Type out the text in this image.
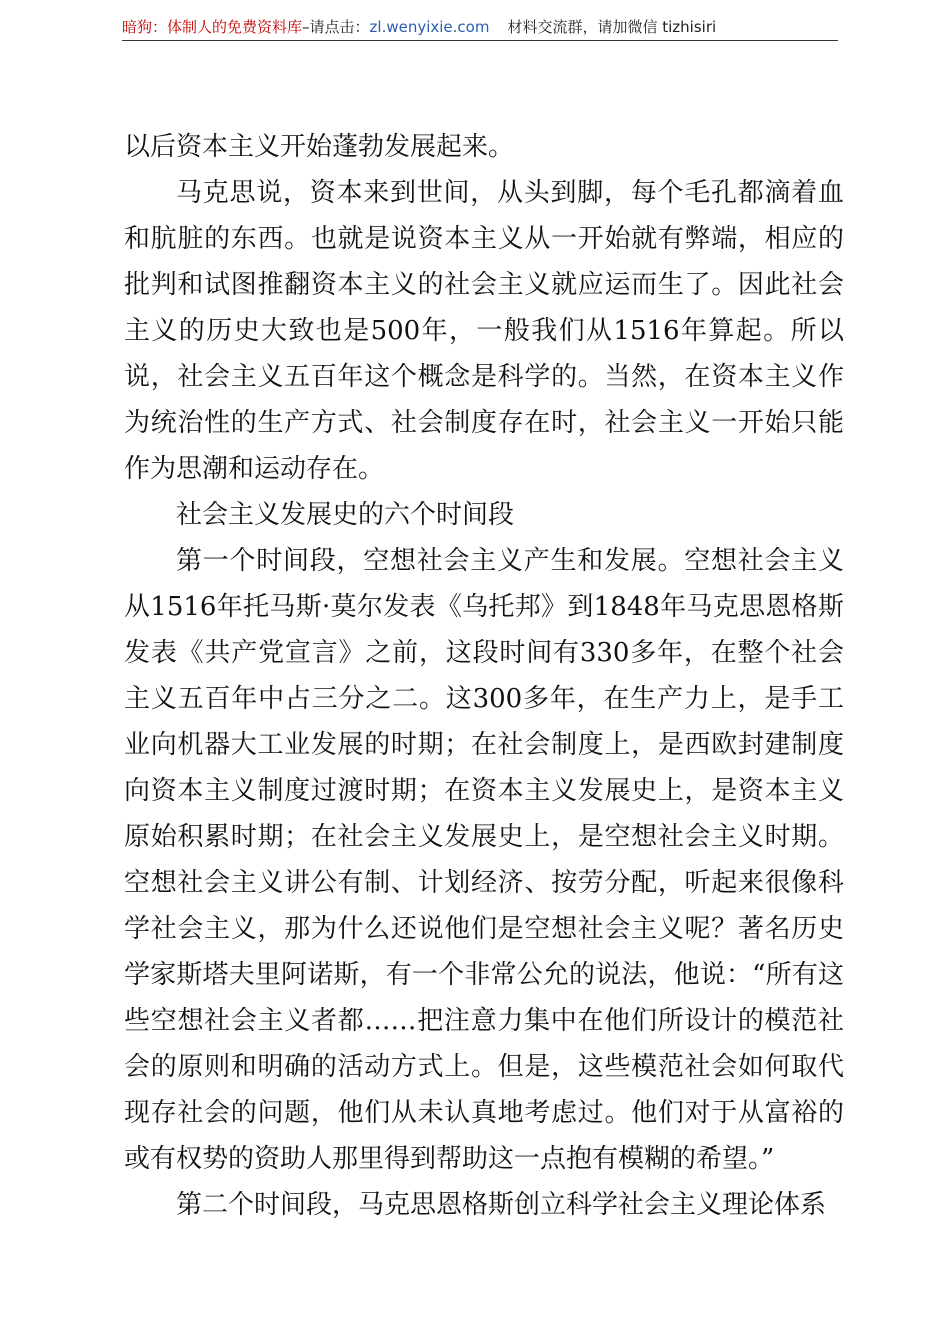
暗狗：体制人的免费资料库–请点击：zl.wenyixie.com 材料交流群，请加微信 tizhisiri

以后资本主义开始蓬勃发展起来。

马克思说，资本来到世间，从头到脚，每个毛孔都滴着血和肮脏的东西。也就是说资本主义从一开始就有弊端，相应的批判和试图推翻资本主义的社会主义就应运而生了。因此社会主义的历史大致也是500年，一般我们从1516年算起。所以说，社会主义五百年这个概念是科学的。当然，在资本主义作为统治性的生产方式、社会制度存在时，社会主义一开始只能作为思潮和运动存在。

社会主义发展史的六个时间段

第一个时间段，空想社会主义产生和发展。空想社会主义从1516年托马斯·莫尔发表《乌托邦》到1848年马克思恩格斯发表《共产党宣言》之前，这段时间有330多年，在整个社会主义五百年中占三分之二。这300多年，在生产力上，是手工业向机器大工业发展的时期；在社会制度上，是西欧封建制度向资本主义制度过渡时期；在资本主义发展史上，是资本主义原始积累时期；在社会主义发展史上，是空想社会主义时期。空想社会主义讲公有制、计划经济、按劳分配，听起来很像科学社会主义，那为什么还说他们是空想社会主义呢？著名历史学家斯塔夫里阿诺斯，有一个非常公允的说法，他说：“所有这些空想社会主义者都……把注意力集中在他们所设计的模范社会的原则和明确的活动方式上。但是，这些模范社会如何取代现存社会的问题，他们从未认真地考虑过。他们对于从富裕的或有权势的资助人那里得到帮助这一点抱有模糊的希望。”

第二个时间段，马克思恩格斯创立科学社会主义理论体系
